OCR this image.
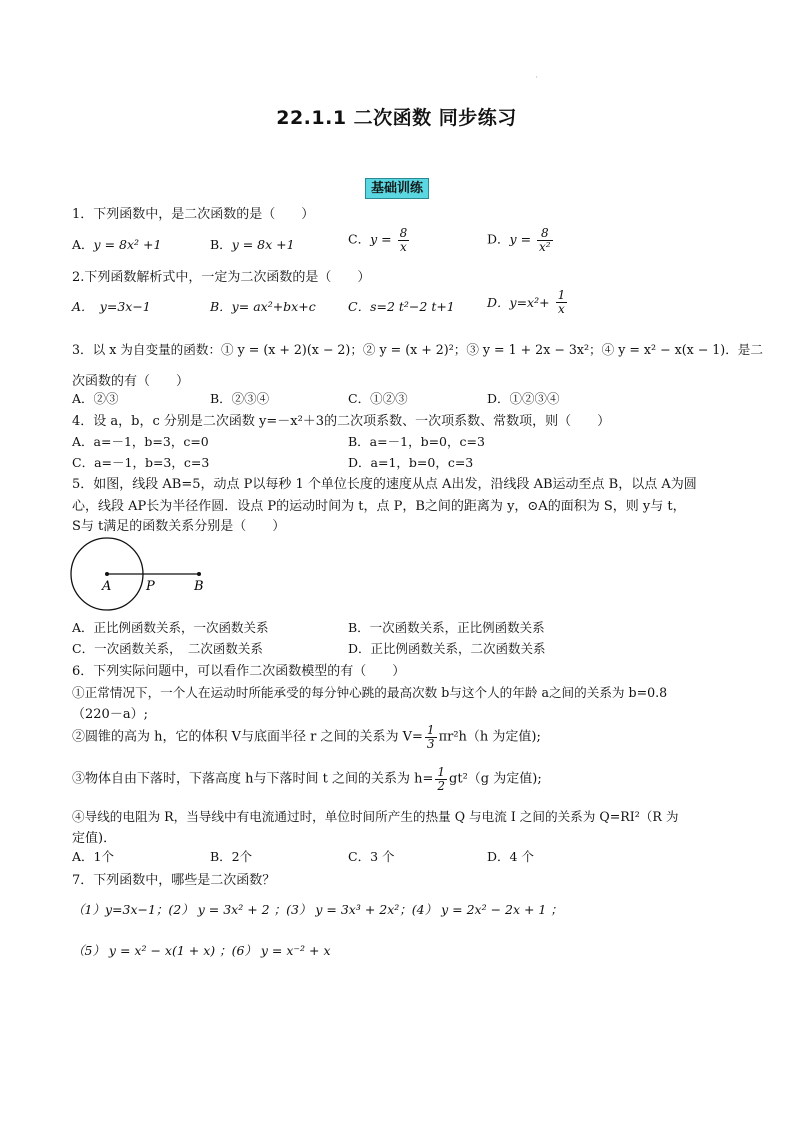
'
22.1.1 二次函数 同步练习
基础训练
1．下列函数中，是二次函数的是（　　）
A．y = 8x² +1	B．y = 8x +1	C．$y = \frac{8}{x}$	D．$y = \frac{8}{\text{x²}}$
2.下列函数解析式中，一定为二次函数的是（　　）
A．　y=3x−1	B．y= ax²+bx+c	C．s=2 t²−2 t+1	D．$y=x^2+ \frac{1}{x}$
3．以 x 为自变量的函数：① y = (x + 2)(x − 2)；② y = (x + 2)²；③ y = 1 + 2x − 3x²；④ y = x² − x(x − 1)．是二
次函数的有（　　）
A．②③	B．②③④	C．①②③	D．①②③④
4．设 a，b，c 分别是二次函数 y=－x²＋3的二次项系数、一次项系数、常数项，则（　　）
A．a=－1，b=3，c=0	B．a=－1，b=0，c=3
C．a=－1，b=3，c=3	D．a=1，b=0，c=3
5．如图，线段 AB=5，动点 P以每秒 1 个单位长度的速度从点 A出发，沿线段 AB运动至点 B，以点 A为圆
心，线段 AP长为半径作圆．设点 P的运动时间为 t，点 P，B之间的距离为 y，⊙A的面积为 S，则 y与 t，
S与 t满足的函数关系分别是（　　）
A	P	B
A．正比例函数关系，一次函数关系	B．一次函数关系，正比例函数关系
C．一次函数关系，　二次函数关系	D．正比例函数关系，二次函数关系
6．下列实际问题中，可以看作二次函数模型的有（　　）
①正常情况下，一个人在运动时所能承受的每分钟心跳的最高次数 b与这个人的年龄 a之间的关系为 b=0.8
（220－a）;
②圆锥的高为 h，它的体积 V与底面半径 r 之间的关系为 $V= \frac{1}{3} \pi r^2h(h$ 为定值);
③物体自由下落时，下落高度 h与下落时间 t 之间的关系为 $h= \frac{1}{2} gt^2(g$ 为定值);
④导线的电阻为 R，当导线中有电流通过时，单位时间所产生的热量 Q 与电流 I 之间的关系为 Q=RI²（R 为
定值)．
A．1个	B．2个	C．3 个	D．4 个
7．下列函数中，哪些是二次函数？
（1）y=3x−1；(2） y = 3x² + 2 ；(3） y = 3x³ + 2x²；(4） y = 2x² − 2x + 1 ；
（5） y = x² − x(1 + x) ；(6） y = x⁻² + x
